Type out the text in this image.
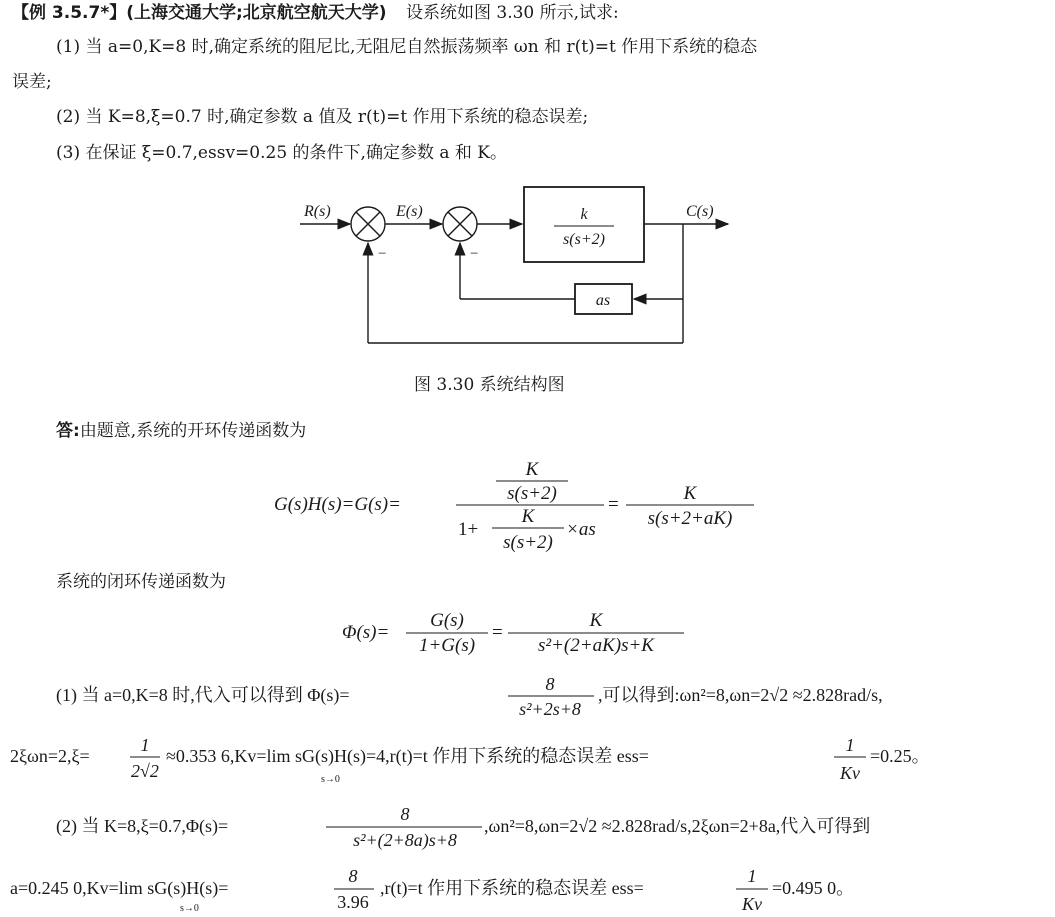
【例 3.5.7*】(上海交通大学;北京航空航天大学) 设系统如图 3.30 所示,试求:
(1) 当 a=0,K=8 时,确定系统的阻尼比,无阻尼自然振荡频率 ωn 和 r(t)=t 作用下系统的稳态
误差;
(2) 当 K=8,ξ=0.7 时,确定参数 a 值及 r(t)=t 作用下系统的稳态误差;
(3) 在保证 ξ=0.7,essv=0.25 的条件下,确定参数 a 和 K。
R(s)	E(s)	C(s)
−	−
k
s(s+2)
as
图 3.30 系统结构图
答:由题意,系统的开环传递函数为
G(s)H(s)=G(s)=
K
s(s+2)
1+
K
s(s+2)
×as
=
K
s(s+2+aK)
系统的闭环传递函数为
Φ(s)=
G(s)
1+G(s)
=
K
s²+(2+aK)s+K
(1) 当 a=0,K=8 时,代入可以得到 Φ(s)=
8
s²+2s+8
,可以得到:ωn²=8,ωn=2√2 ≈2.828rad/s,
2ξωn=2,ξ=
1
2√2
≈0.353 6,Kv=lim sG(s)H(s)=4,r(t)=t 作用下系统的稳态误差 ess=
s→0
1
Kv
=0.25。
(2) 当 K=8,ξ=0.7,Φ(s)=
8
s²+(2+8a)s+8
,ωn²=8,ωn=2√2 ≈2.828rad/s,2ξωn=2+8a,代入可得到
a=0.245 0,Kv=lim sG(s)H(s)=
s→0
8
3.96
,r(t)=t 作用下系统的稳态误差 ess=
1
Kv
=0.495 0。
